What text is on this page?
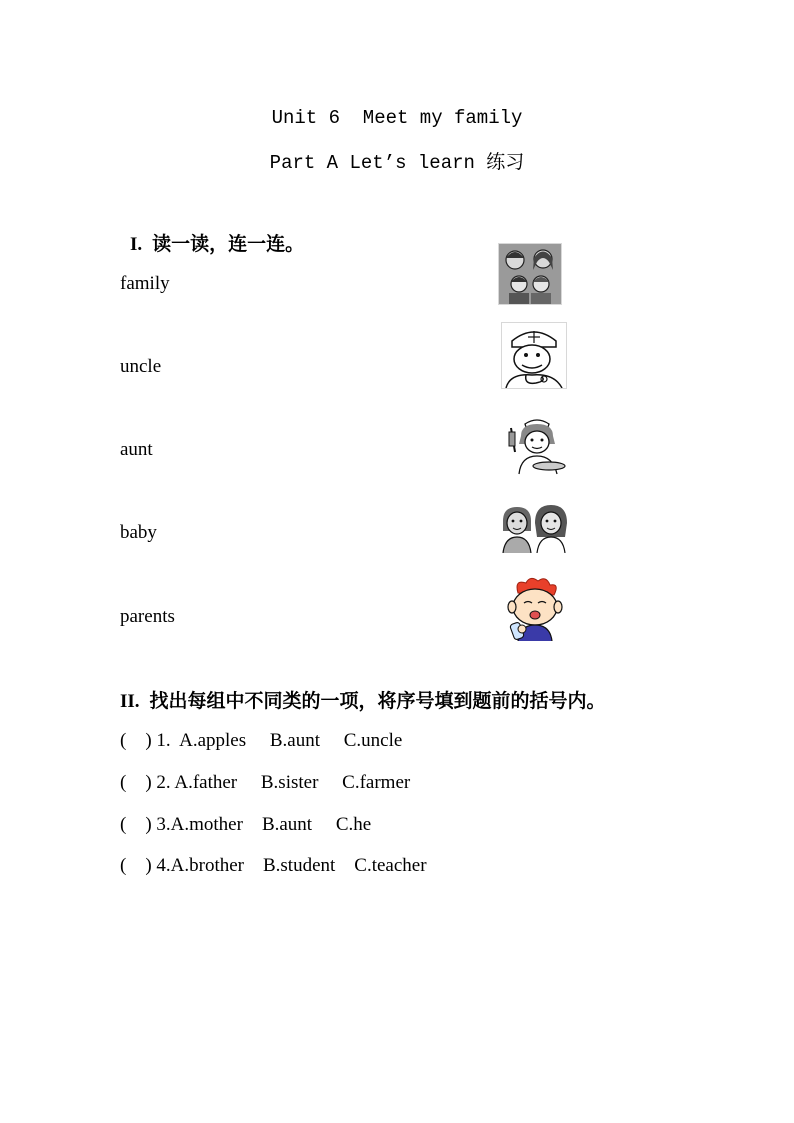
Unit 6  Meet my family
Part A Let’s learn 练习
I. 读一读，连一连。
family
uncle
aunt
baby
parents
II. 找出每组中不同类的一项，将序号填到题前的括号内。
(    ) 1.  A.apples     B.aunt     C.uncle
(    ) 2. A.father     B.sister     C.farmer
(    ) 3.A.mother    B.aunt     C.he
(    ) 4.A.brother    B.student    C.teacher
